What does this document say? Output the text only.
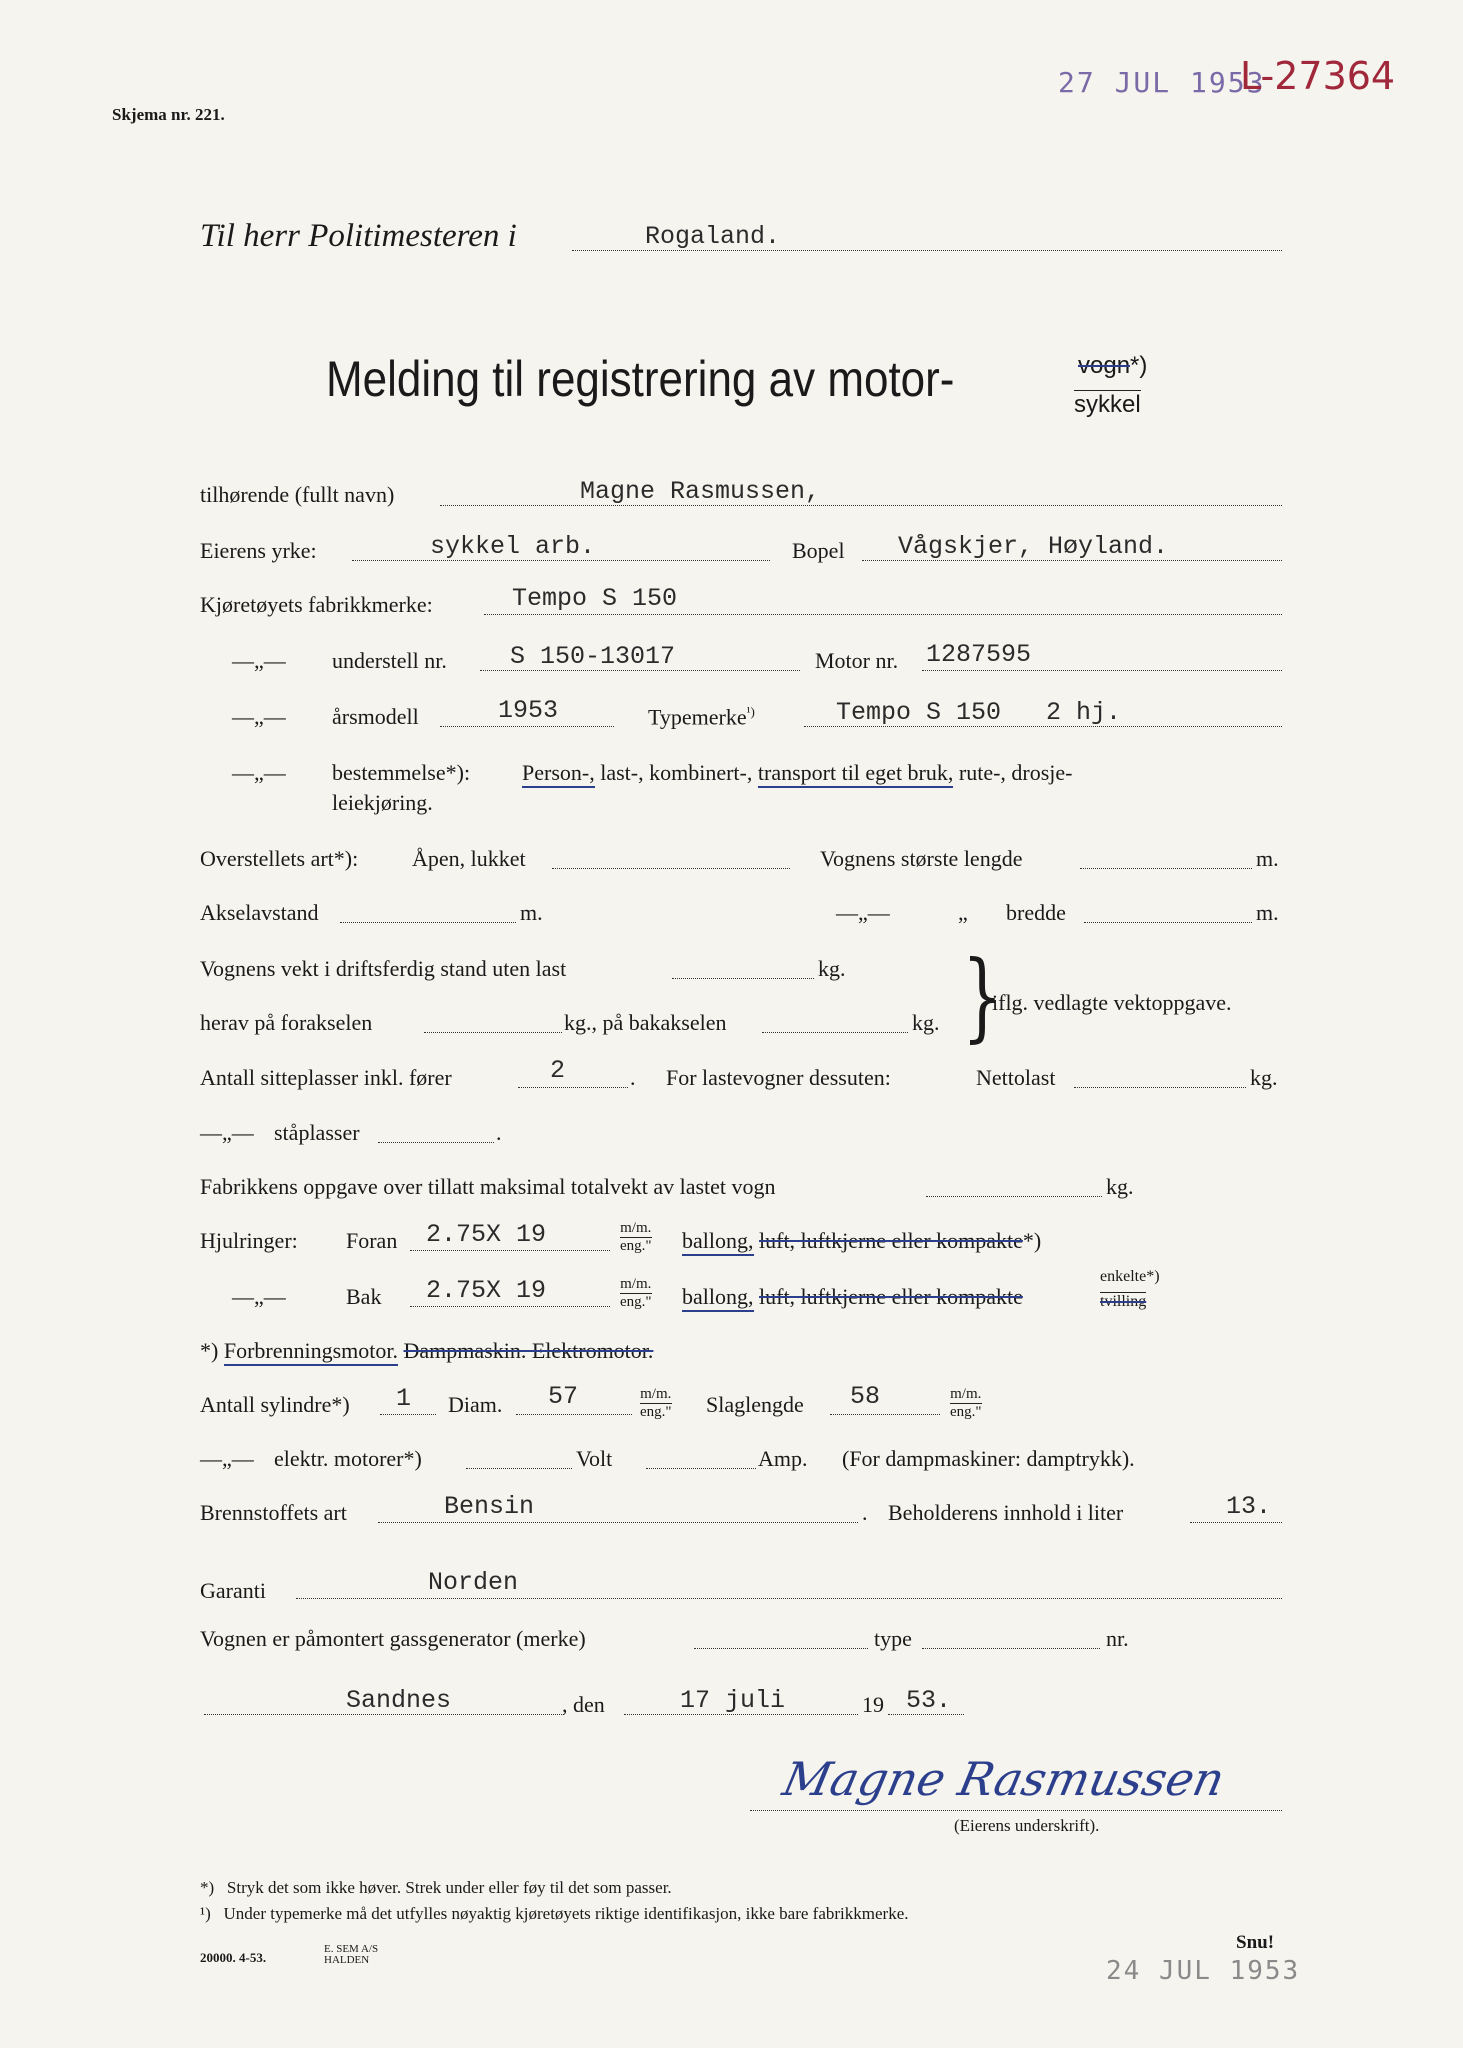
27 JUL 1953
L-27364
Skjema nr. 221.
Til herr Politimesteren i	Rogaland.
Melding til registrering av motor-	vogn*)
sykkel
tilhørende (fullt navn)	Magne Rasmussen,
Eierens yrke:	sykkel arb.	Bopel Vågskjer, Høyland.
Kjøretøyets fabrikkmerke:	Tempo S 150
—„— understell nr.	S 150-13017	Motor nr. 1287595
—„— årsmodell	1953	Typemerke$^{^1)}$	Tempo S 150   2 hj.
—„— bestemmelse*): Person-, last-, kombinert-, transport til eget bruk, rute-, drosje-
leiekjøring.
Overstellets art*): Åpen, lukket	Vognens største lengde	m.
Akselavstand	m.	—„—	„ bredde	m.
Vognens vekt i driftsferdig stand uten last	kg.
herav på forakselen	kg., på bakakselen	kg. }
iflg. vedlagte vektoppgave.
Antall sitteplasser inkl. fører	2	. For lastevogner dessuten:	Nettolast	kg.
—„— ståplasser	.
Fabrikkens oppgave over tillatt maksimal totalvekt av lastet vogn	kg.
Hjulringer: Foran 2.75X 19	m/m.
eng." ballong, luft, luftkjerne eller kompakte*)
—„—	Bak 2.75X 19	m/m.
eng." ballong, luft, luftkjerne eller kompakte
enkelte*)
tvilling
*) Forbrenningsmotor. Dampmaskin. Elektromotor.
Antall sylindre*) 1 Diam. 57	m/m.
eng." Slaglengde 58	m/m.
eng."
—„— elektr. motorer*)	Volt	Amp. (For dampmaskiner: damptrykk).
Brennstoffets art	Bensin	. Beholderens innhold i liter	13.
Garanti	Norden
Vognen er påmontert gassgenerator (merke)	type	nr.
Sandnes	, den	17 juli	19 53.
Magne Rasmussen
(Eierens underskrift).
*) Stryk det som ikke høver. Strek under eller føy til det som passer.
¹) Under typemerke må det utfylles nøyaktig kjøretøyets riktige identifikasjon, ikke bare fabrikkmerke.
20000. 4-53.
E. SEM A/S
HALDEN
Snu!
24 JUL 1953
